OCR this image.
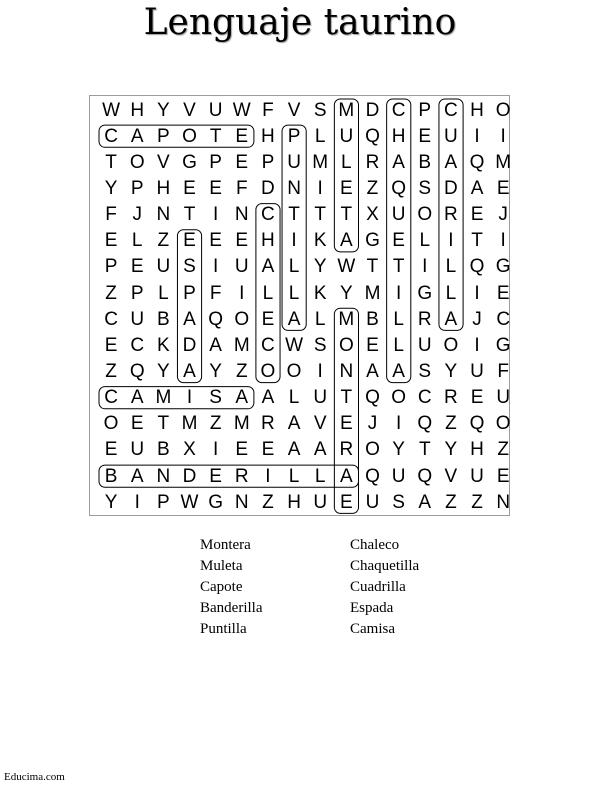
Lenguaje taurino
W H Y V U W F V S M D C P C H O
C A P O T E H P L U Q H E U I	I
T O V G P E P U M L R A B A Q M
Y P H E E F D N I E Z Q S D A E
F J N T I N C T T T X U O R E J
E L Z E E E H I K A G E L I T I
P E U S I U A L Y W T T I L Q G
Z P L P F I L L K Y M I G L I E
C U B A Q O E A L M B L R A J C
E C K D A M C W S O E L U O I G
Z Q Y A Y Z O O I N A A S Y U F
C A M I S A A L U T Q O C R E U
O E T M Z M R A V E J I Q Z Q O
E U B X I E E A A R O Y T Y H Z
B A N D E R I L L A Q U Q V U E
Y I P W G N Z H U E U S A Z Z N
Montera
Muleta
Capote
Banderilla
Puntilla
Chaleco
Chaquetilla
Cuadrilla
Espada
Camisa
Educima.com
